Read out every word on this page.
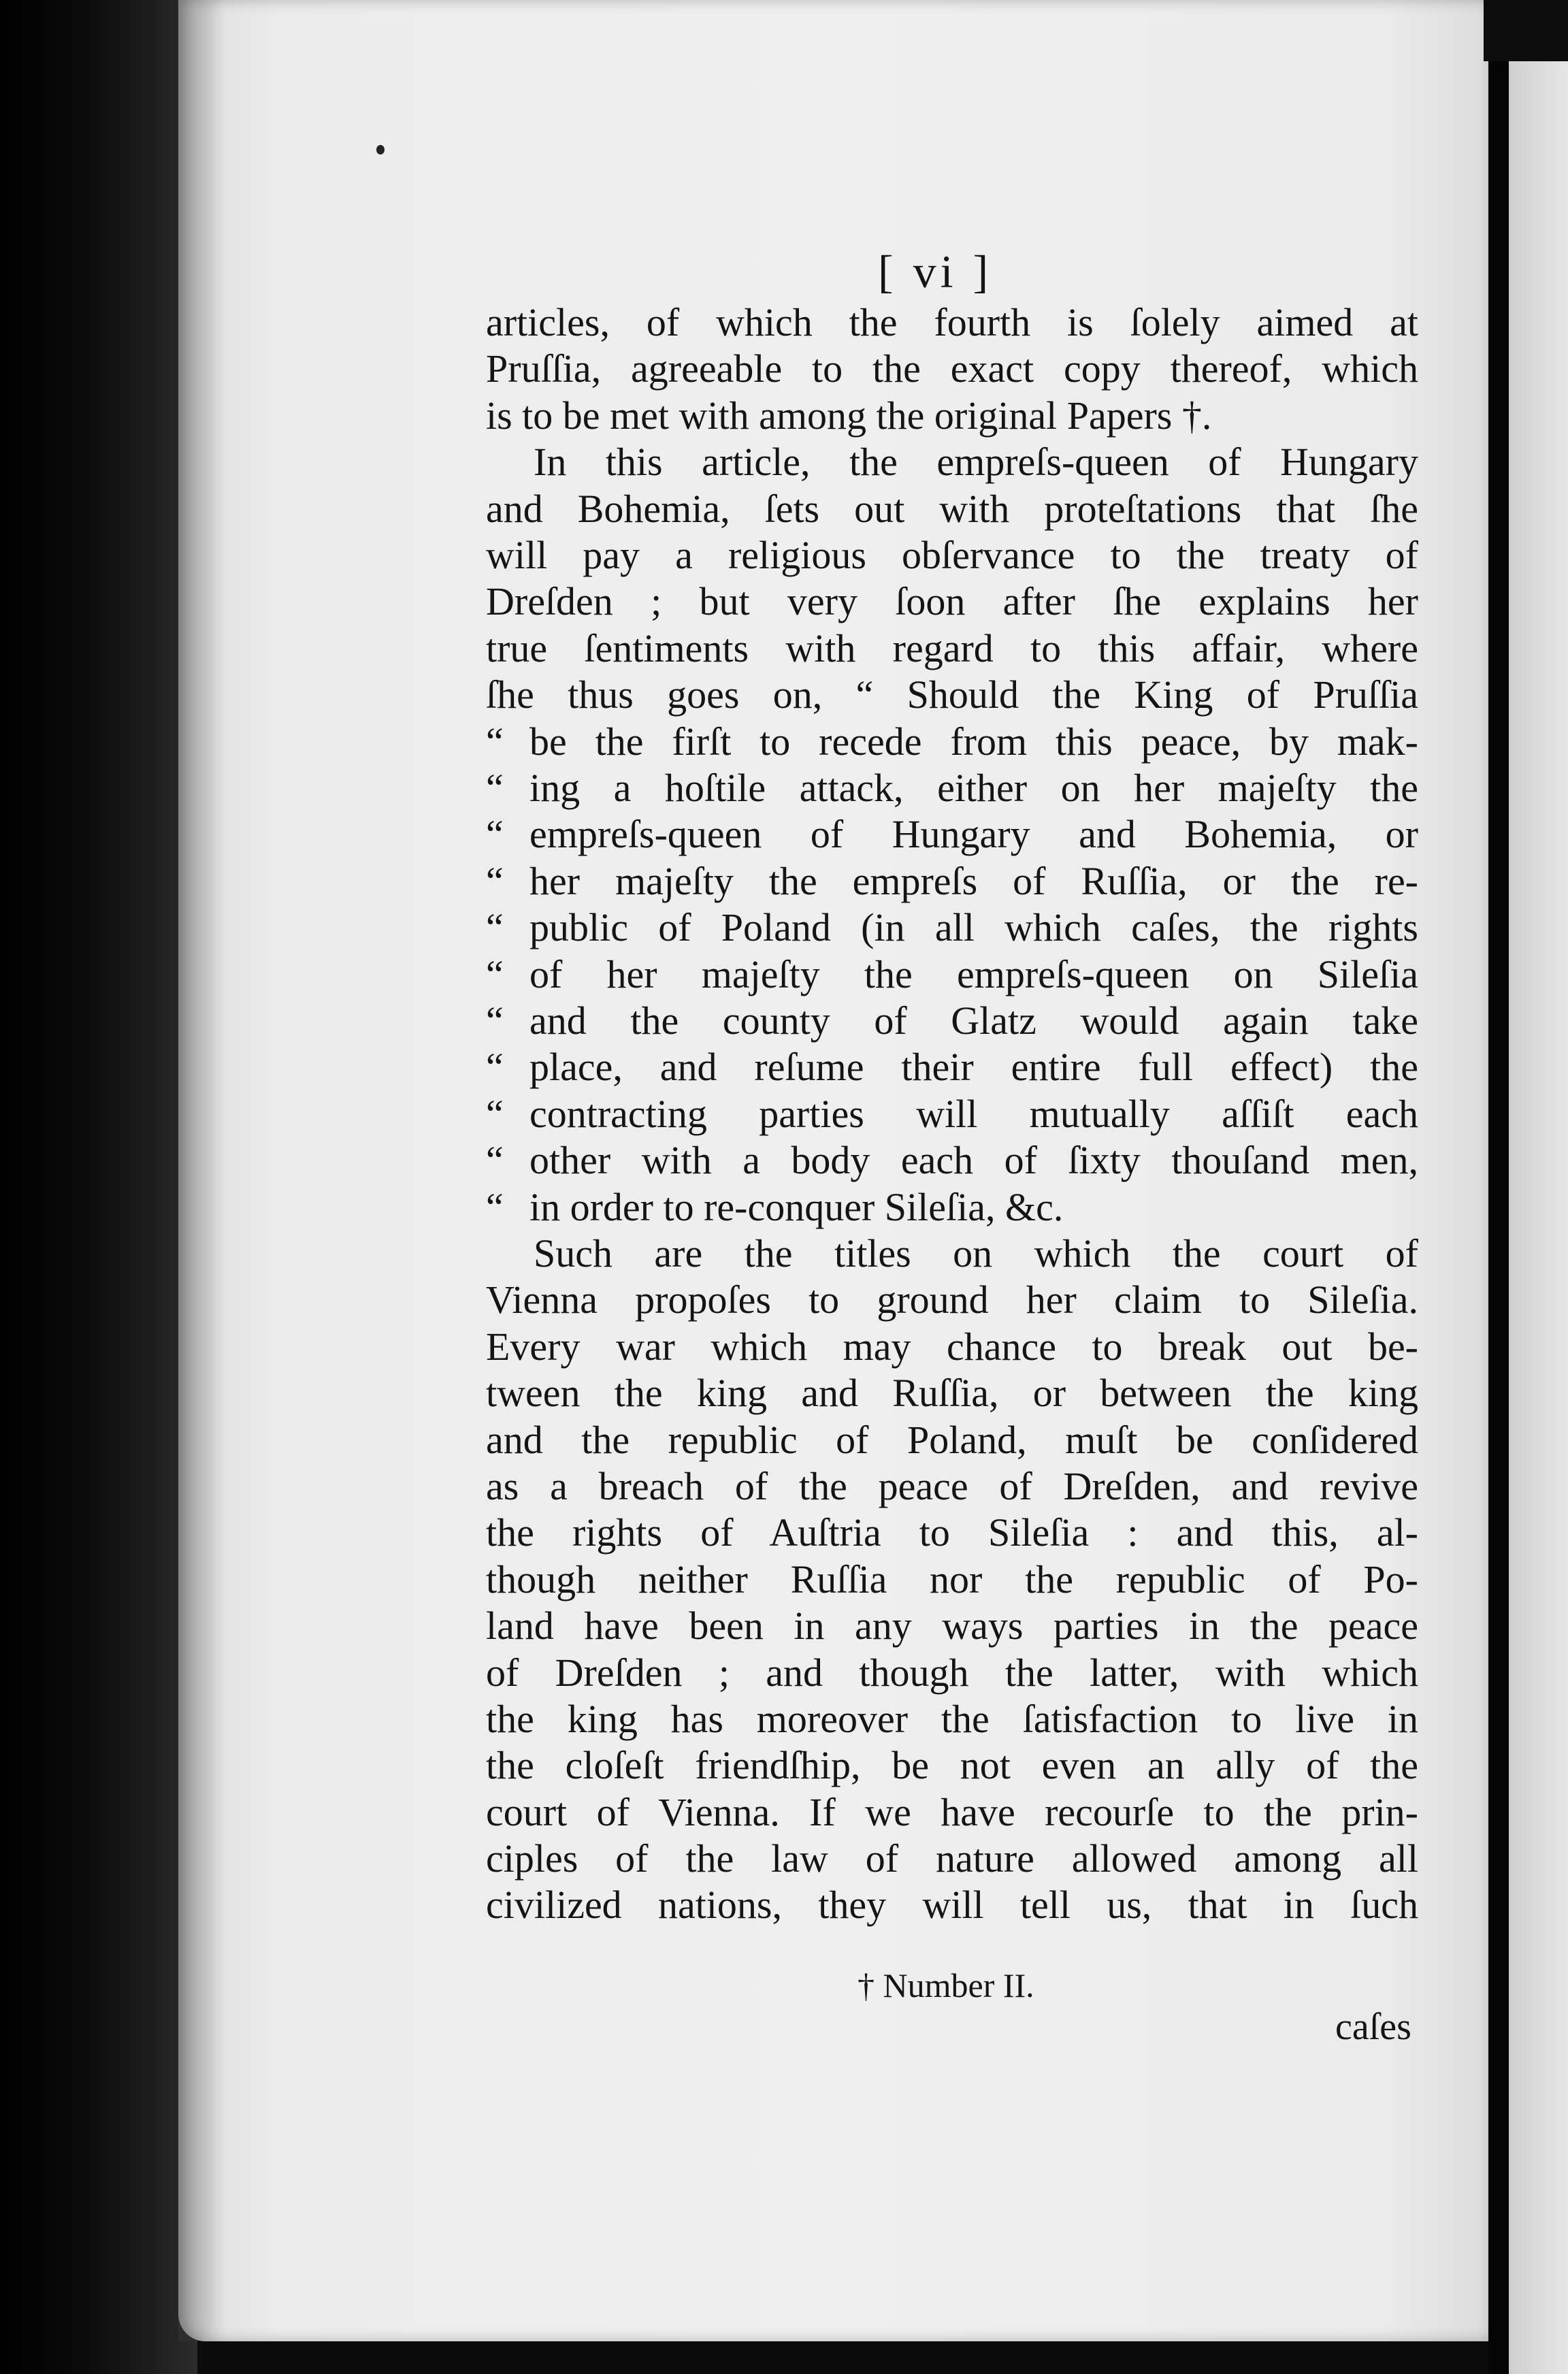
[ vi ]
articles, of which the fourth is ſolely aimed at
Pruſſia, agreeable to the exact copy thereof, which
is to be met with among the original Papers †.
In this article, the empreſs-queen of Hungary
and Bohemia, ſets out with proteſtations that ſhe
will pay a religious obſervance to the treaty of
Dreſden ; but very ſoon after ſhe explains her
true ſentiments with regard to this affair, where
ſhe thus goes on, “ Should the King of Pruſſia
“ be the firſt to recede from this peace, by mak-
“ ing a hoſtile attack, either on her majeſty the
“ empreſs-queen of Hungary and Bohemia, or
“ her majeſty the empreſs of Ruſſia, or the re-
“ public of Poland (in all which caſes, the rights
“ of her majeſty the empreſs-queen on Sileſia
“ and the county of Glatz would again take
“ place, and reſume their entire full effect) the
“ contracting parties will mutually aſſiſt each
“ other with a body each of ſixty thouſand men,
“ in order to re-conquer Sileſia, &c.
Such are the titles on which the court of
Vienna propoſes to ground her claim to Sileſia.
Every war which may chance to break out be-
tween the king and Ruſſia, or between the king
and the republic of Poland, muſt be conſidered
as a breach of the peace of Dreſden, and revive
the rights of Auſtria to Sileſia : and this, al-
though neither Ruſſia nor the republic of Po-
land have been in any ways parties in the peace
of Dreſden ; and though the latter, with which
the king has moreover the ſatisfaction to live in
the cloſeſt friendſhip, be not even an ally of the
court of Vienna. If we have recourſe to the prin-
ciples of the law of nature allowed among all
civilized nations, they will tell us, that in ſuch
† Number II.
caſes
